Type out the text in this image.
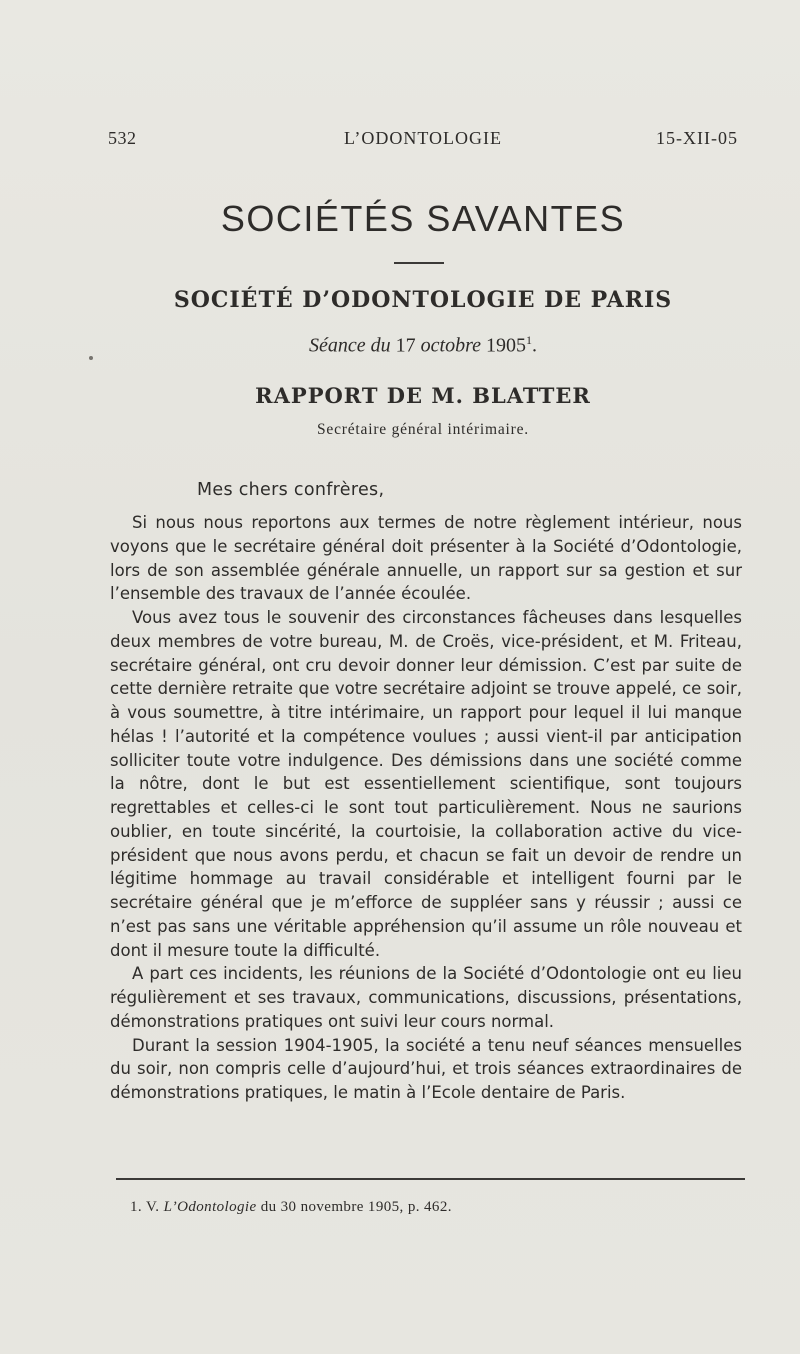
532	L’ODONTOLOGIE	15-XII-05
SOCIÉTÉS SAVANTES
SOCIÉTÉ D’ODONTOLOGIE DE PARIS
Séance du 17 octobre 1905$^1$.
RAPPORT DE M. BLATTER
Secrétaire général intérimaire.
Mes chers confrères,

Si nous nous reportons aux termes de notre règlement intérieur, nous voyons que le secrétaire général doit présenter à la Société d’Odontologie, lors de son assemblée générale annuelle, un rapport sur sa gestion et sur l’ensemble des travaux de l’année écoulée.

Vous avez tous le souvenir des circonstances fâcheuses dans lesquelles deux membres de votre bureau, M. de Croës, vice-président, et M. Friteau, secrétaire général, ont cru devoir donner leur démission. C’est par suite de cette dernière retraite que votre secrétaire adjoint se trouve appelé, ce soir, à vous soumettre, à titre intérimaire, un rapport pour lequel il lui manque hélas ! l’autorité et la compétence voulues ; aussi vient-il par anticipation solliciter toute votre indulgence. Des démissions dans une société comme la nôtre, dont le but est essentiellement scientifique, sont toujours regrettables et celles-ci le sont tout particulièrement. Nous ne saurions oublier, en toute sincérité, la courtoisie, la collaboration active du vice-président que nous avons perdu, et chacun se fait un devoir de rendre un légitime hommage au travail considérable et intelligent fourni par le secrétaire général que je m’efforce de suppléer sans y réussir ; aussi ce n’est pas sans une véritable appréhension qu’il assume un rôle nouveau et dont il mesure toute la difficulté.

A part ces incidents, les réunions de la Société d’Odontologie ont eu lieu régulièrement et ses travaux, communications, discussions, présentations, démonstrations pratiques ont suivi leur cours normal.

Durant la session 1904-1905, la société a tenu neuf séances mensuelles du soir, non compris celle d’aujourd’hui, et trois séances extraordinaires de démonstrations pratiques, le matin à l’Ecole dentaire de Paris.

1. V. L’Odontologie du 30 novembre 1905, p. 462.
